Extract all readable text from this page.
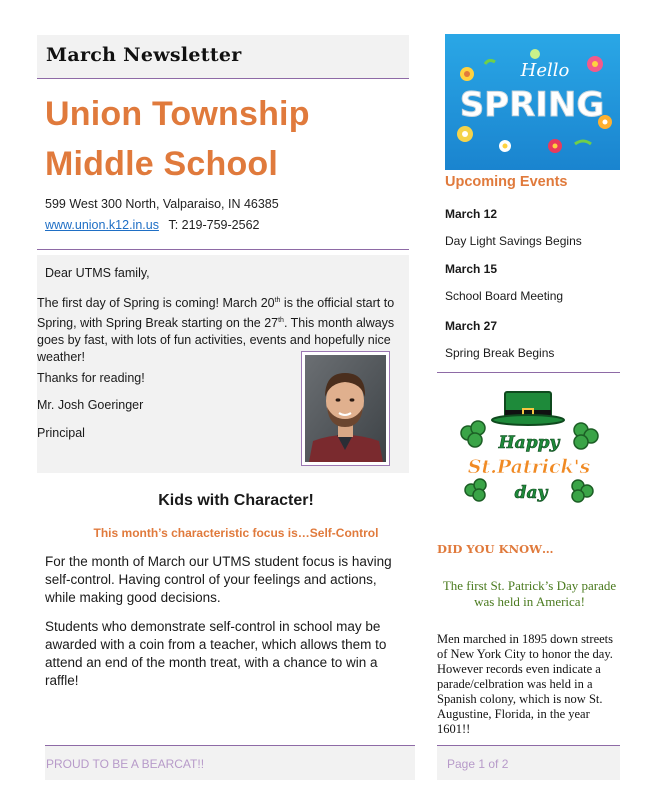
March Newsletter
Union Township
Middle School
599 West 300 North, Valparaiso, IN 46385
www.union.k12.in.us T: 219-759-2562
Dear UTMS family,
The first day of Spring is coming! March 20th is the official start to Spring, with Spring Break starting on the 27th. This month always goes by fast, with lots of fun activities, events and hopefully nice weather!
Thanks for reading!
Mr. Josh Goeringer
Principal
Kids with Character!
This month’s characteristic focus is…Self-Control
For the month of March our UTMS student focus is having self-control. Having control of your feelings and actions, while making good decisions.
Students who demonstrate self-control in school may be awarded with a coin from a teacher, which allows them to attend an end of the month treat, with a chance to win a raffle!
PROUD TO BE A BEARCAT!!
Hello
SPRING
Upcoming Events
March 12
Day Light Savings Begins
March 15
School Board Meeting
March 27
Spring Break Begins
Happy
St.Patrick's
day
DID YOU KNOW…
The first St. Patrick’s Day parade was held in America!
Men marched in 1895 down streets of New York City to honor the day. However records even indicate a parade/celbration was held in a Spanish colony, which is now St. Augustine, Florida, in the year 1601!!
Page 1 of 2
